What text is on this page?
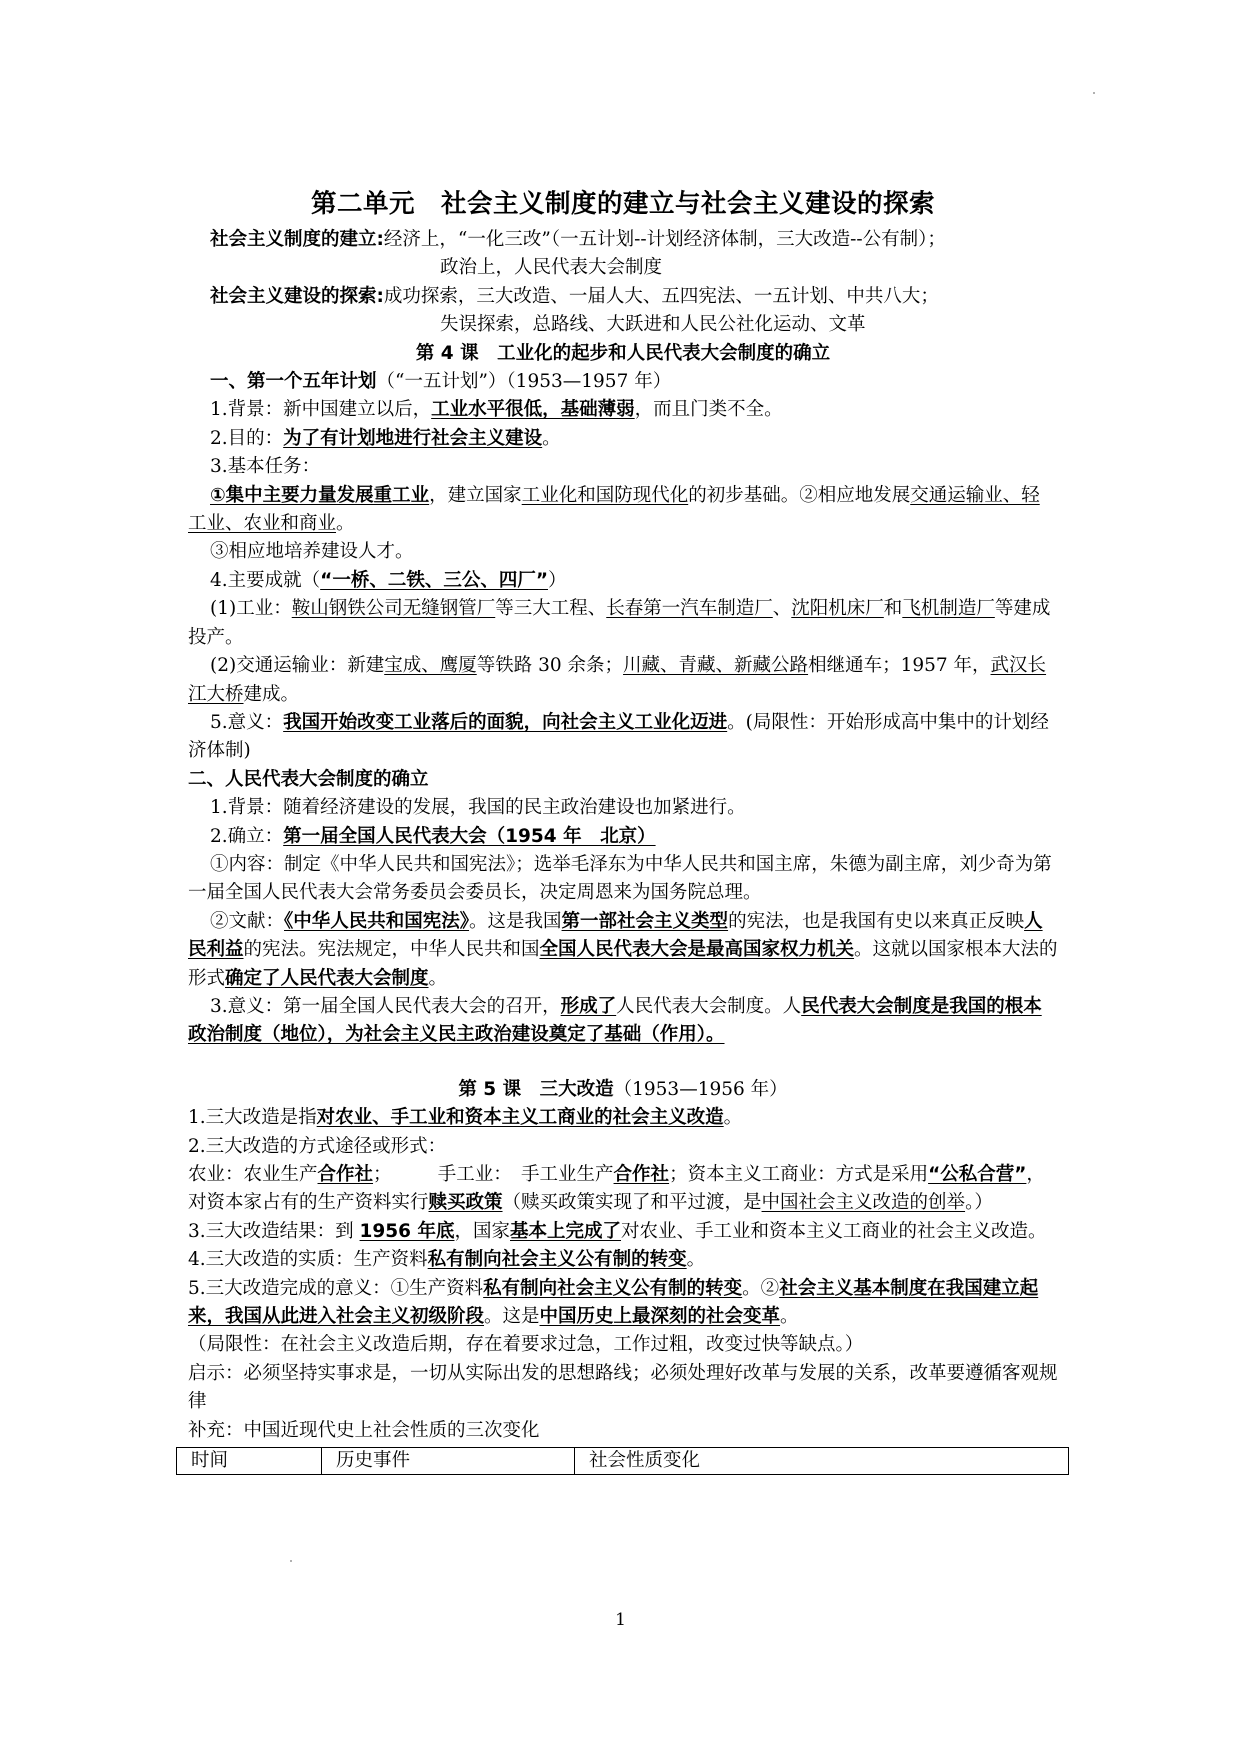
第二单元　社会主义制度的建立与社会主义建设的探索

社会主义制度的建立:经济上，“一化三改”（一五计划--计划经济体制，三大改造--公有制）；

政治上，人民代表大会制度

社会主义建设的探索:成功探索，三大改造、一届人大、五四宪法、一五计划、中共八大；

失误探索，总路线、大跃进和人民公社化运动、文革

第 4 课　工业化的起步和人民代表大会制度的确立

一、第一个五年计划（“一五计划”）（1953—1957 年）

1.背景：新中国建立以后，工业水平很低，基础薄弱，而且门类不全。

2.目的：为了有计划地进行社会主义建设。

3.基本任务：

①集中主要力量发展重工业，建立国家工业化和国防现代化的初步基础。②相应地发展交通运输业、轻工业、农业和商业。

③相应地培养建设人才。

4.主要成就（“一桥、二铁、三公、四厂”）

(1)工业：鞍山钢铁公司无缝钢管厂等三大工程、长春第一汽车制造厂、沈阳机床厂和飞机制造厂等建成投产。

(2)交通运输业：新建宝成、鹰厦等铁路 30 余条；川藏、青藏、新藏公路相继通车；1957 年，武汉长江大桥建成。

5.意义：我国开始改变工业落后的面貌，向社会主义工业化迈进。(局限性：开始形成高中集中的计划经济体制)

二、人民代表大会制度的确立

1.背景：随着经济建设的发展，我国的民主政治建设也加紧进行。

2.确立：第一届全国人民代表大会（1954 年　北京）

①内容：制定《中华人民共和国宪法》；选举毛泽东为中华人民共和国主席，朱德为副主席，刘少奇为第一届全国人民代表大会常务委员会委员长，决定周恩来为国务院总理。

②文献：《中华人民共和国宪法》。这是我国第一部社会主义类型的宪法，也是我国有史以来真正反映人民利益的宪法。宪法规定，中华人民共和国全国人民代表大会是最高国家权力机关。这就以国家根本大法的形式确定了人民代表大会制度。

3.意义：第一届全国人民代表大会的召开，形成了人民代表大会制度。人民代表大会制度是我国的根本政治制度（地位），为社会主义民主政治建设奠定了基础（作用）。

第 5 课　三大改造（1953—1956 年）

1.三大改造是指对农业、手工业和资本主义工商业的社会主义改造。

2.三大改造的方式途径或形式：

农业：农业生产合作社；　　　手工业：　手工业生产合作社；资本主义工商业：方式是采用“公私合营”，对资本家占有的生产资料实行赎买政策（赎买政策实现了和平过渡，是中国社会主义改造的创举。）

3.三大改造结果：到 1956 年底，国家基本上完成了对农业、手工业和资本主义工商业的社会主义改造。

4.三大改造的实质：生产资料私有制向社会主义公有制的转变。

5.三大改造完成的意义：①生产资料私有制向社会主义公有制的转变。②社会主义基本制度在我国建立起来，我国从此进入社会主义初级阶段。这是中国历史上最深刻的社会变革。

（局限性：在社会主义改造后期，存在着要求过急，工作过粗，改变过快等缺点。）

启示：必须坚持实事求是，一切从实际出发的思想路线；必须处理好改革与发展的关系，改革要遵循客观规律

补充：中国近现代史上社会性质的三次变化

时间	历史事件	社会性质变化
1
